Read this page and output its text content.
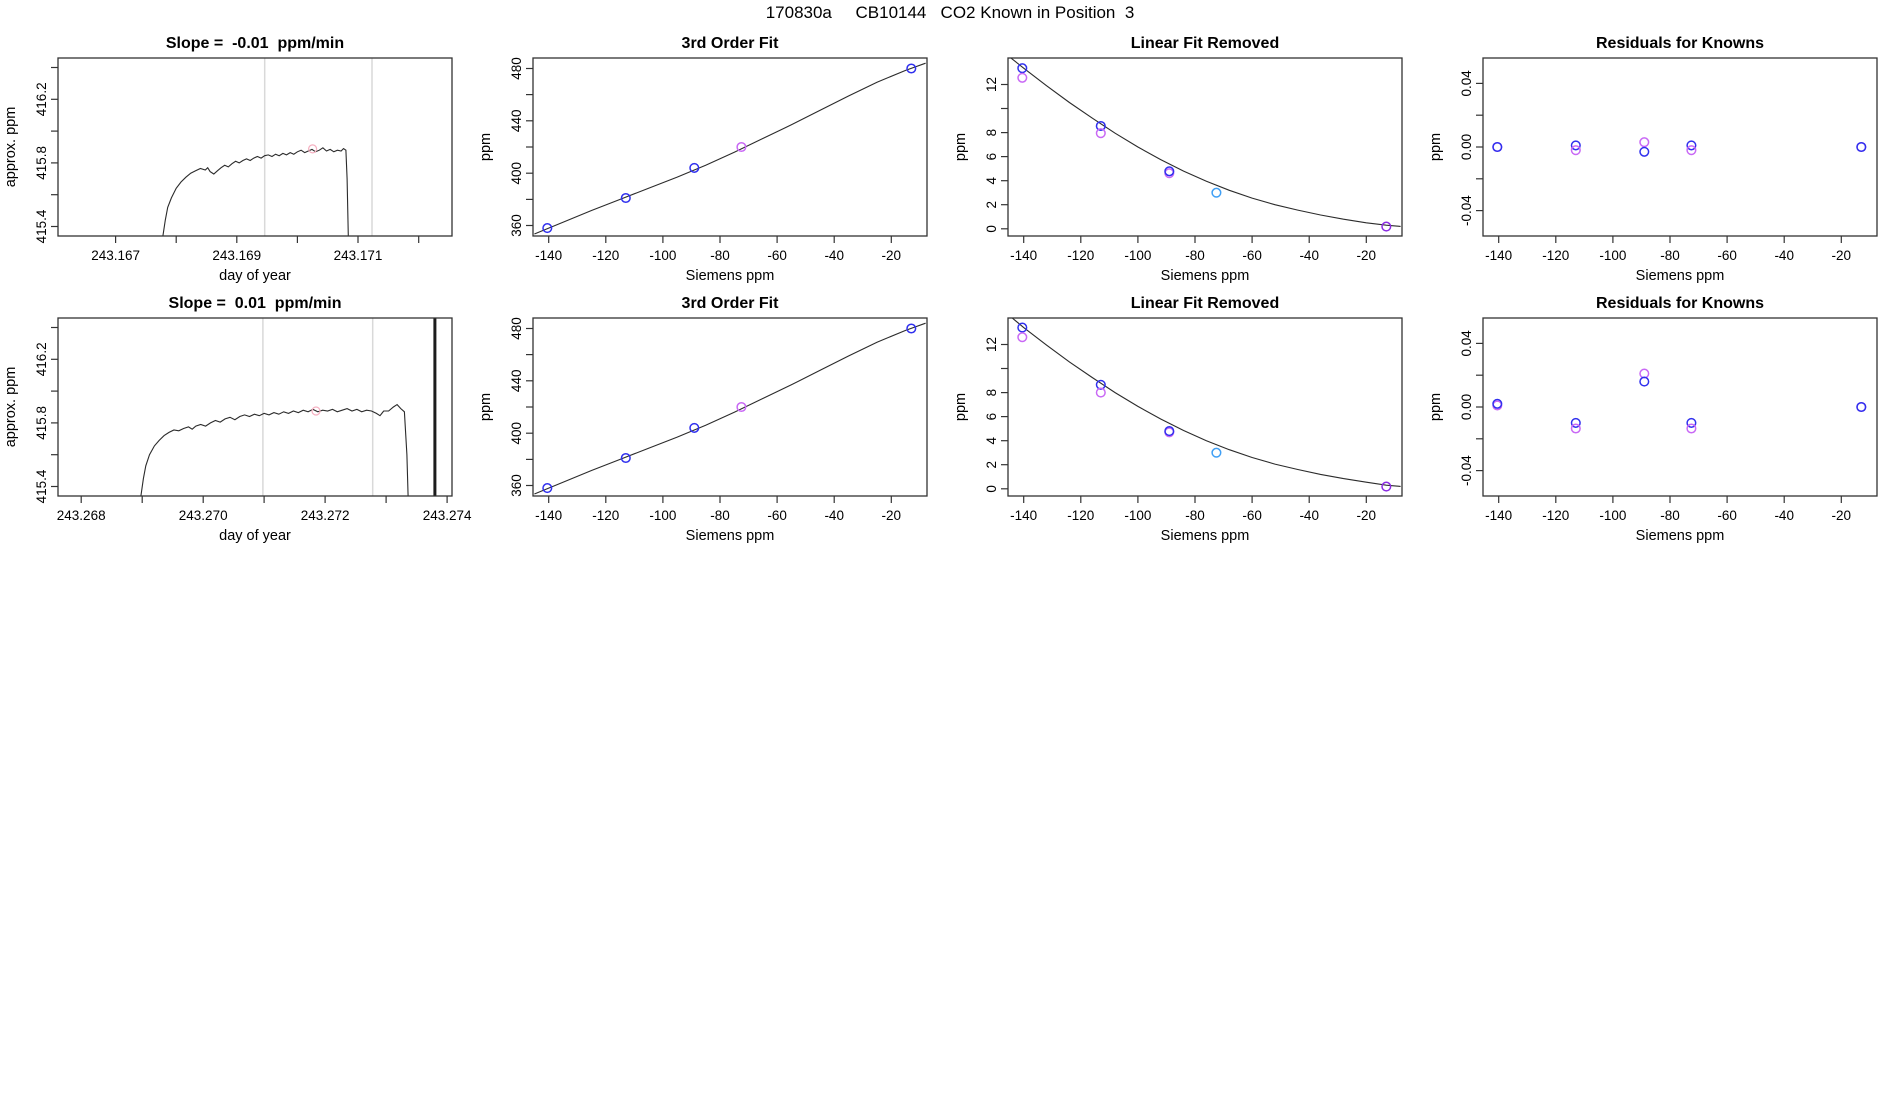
170830a     CB10144   CO2 Known in Position  3
243.167	243.169	243.171
415.4
415.8
416.2
day of year
approx. ppm
Slope =  -0.01  ppm/min
-140 -120 -100	-80	-60	-40	-20
360
400
440
480
Siemens ppm
ppm
3rd Order Fit
-140 -120 -100	-80	-60	-40	-20
0
2
4
6
8
12
Siemens ppm
ppm
Linear Fit Removed
-140 -120 -100	-80	-60	-40	-20
-0.04
0.00
0.04
Siemens ppm
ppm
Residuals for Knowns
243.268	243.270	243.272	243.274
415.4
415.8
416.2
day of year
approx. ppm
Slope =  0.01  ppm/min
-140 -120 -100	-80	-60	-40	-20
360
400
440
480
Siemens ppm
ppm
3rd Order Fit
-140 -120 -100	-80	-60	-40	-20
0
2
4
6
8
12
Siemens ppm
ppm
Linear Fit Removed
-140 -120 -100	-80	-60	-40	-20
-0.04
0.00
0.04
Siemens ppm
ppm
Residuals for Knowns
